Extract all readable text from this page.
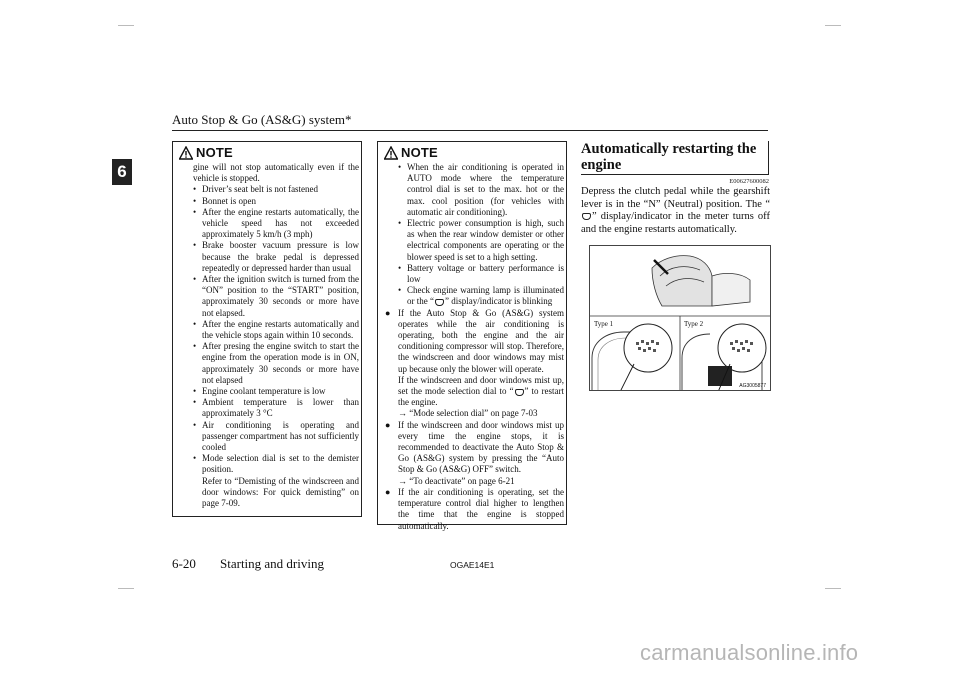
Auto Stop & Go (AS&G) system*
6
NOTE

gine will not stop automatically even if the vehicle is stopped.

• Driver’s seat belt is not fastened
• Bonnet is open
• After the engine restarts automatically, the vehicle speed has not exceeded approximately 5 km/h (3 mph)
• Brake booster vacuum pressure is low because the brake pedal is depressed repeatedly or depressed harder than usual
• After the ignition switch is turned from the “ON” position to the “START” position, approximately 30 seconds or more have not elapsed.
• After the engine restarts automatically and the vehicle stops again within 10 seconds.
• After presing the engine switch to start the engine from the operation mode is in ON, approximately 30 seconds or more have not elapsed
• Engine coolant temperature is low
• Ambient temperature is lower than approximately 3 °C
• Air conditioning is operating and passenger compartment has not sufficiently cooled
• Mode selection dial is set to the demister position.

Refer to “Demisting of the windscreen and door windows: For quick demisting” on page 7-09.

NOTE
• When the air conditioning is operated in AUTO mode where the temperature control dial is set to the max. hot or the max. cool position (for vehicles with automatic air conditioning).
• Electric power consumption is high, such as when the rear window demister or other electrical components are operating or the blower speed is set to a high setting.
• Battery voltage or battery performance is low
• Check engine warning lamp is illuminated or the “ ” display/indicator is blinking
● If the Auto Stop & Go (AS&G) system operates while the air conditioning is operating, both the engine and the air conditioning compressor will stop. Therefore, the windscreen and door windows may mist up because only the blower will operate.
If the windscreen and door windows mist up, set the mode selection dial to “ ” to restart the engine.
→ “Mode selection dial” on page 7-03
● If the windscreen and door windows mist up every time the engine stops, it is recommended to deactivate the Auto Stop & Go (AS&G) system by pressing the “Auto Stop & Go (AS&G) OFF” switch.
→ “To deactivate” on page 6-21
● If the air conditioning is operating, set the temperature control dial higher to lengthen the time that the engine is stopped automatically.
Automatically restarting the engine
E00627600082
Depress the clutch pedal while the gearshift lever is in the “N” (Neutral) position. The “” display/indicator in the meter turns off and the engine restarts automatically.
Type 1	Type 2
AG3005877
6-20 Starting and driving	OGAE14E1
carmanualsonline.info
